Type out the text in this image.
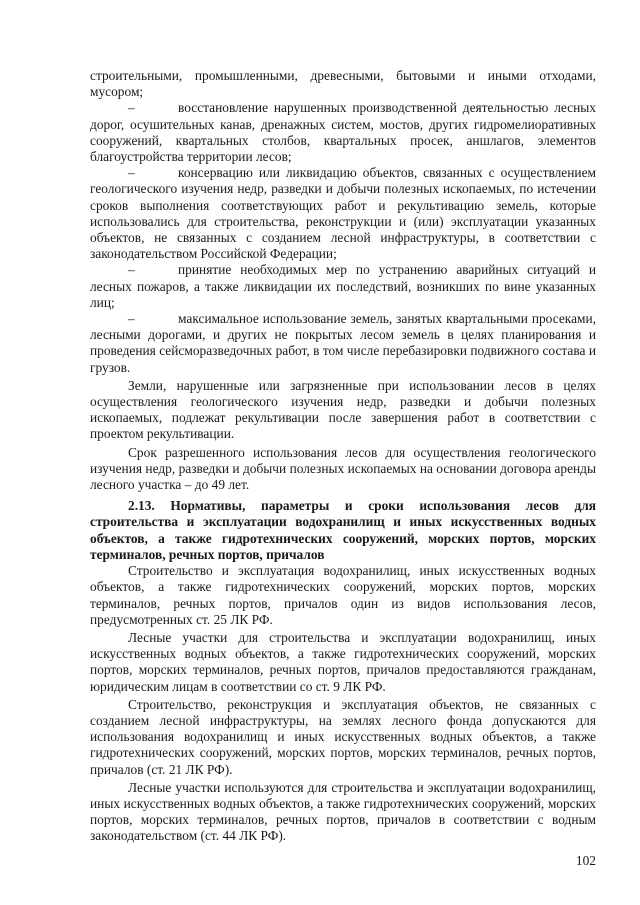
строительными, промышленными, древесными, бытовыми и иными отходами, мусором;

–	восстановление нарушенных производственной деятельностью лесных дорог, осушительных канав, дренажных систем, мостов, других гидромелиоративных сооружений, квартальных столбов, квартальных просек, аншлагов, элементов благоустройства территории лесов;

–	консервацию или ликвидацию объектов, связанных с осуществлением геологического изучения недр, разведки и добычи полезных ископаемых, по истечении сроков выполнения соответствующих работ и рекультивацию земель, которые использовались для строительства, реконструкции и (или) эксплуатации указанных объектов, не связанных с созданием лесной инфраструктуры, в соответствии с законодательством Российской Федерации;

–	принятие необходимых мер по устранению аварийных ситуаций и лесных пожаров, а также ликвидации их последствий, возникших по вине указанных лиц;

–	максимальное использование земель, занятых квартальными просеками, лесными дорогами, и других не покрытых лесом земель в целях планирования и проведения сейсморазведочных работ, в том числе перебазировки подвижного состава и грузов.

Земли, нарушенные или загрязненные при использовании лесов в целях осуществления геологического изучения недр, разведки и добычи полезных ископаемых, подлежат рекультивации после завершения работ в соответствии с проектом рекультивации.

Срок разрешенного использования лесов для осуществления геологического изучения недр, разведки и добычи полезных ископаемых на основании договора аренды лесного участка – до 49 лет.

2.13. Нормативы, параметры и сроки использования лесов для строительства и эксплуатации водохранилищ и иных искусственных водных объектов, а также гидротехнических сооружений, морских портов, морских терминалов, речных портов, причалов

Строительство и эксплуатация водохранилищ, иных искусственных водных объектов, а также гидротехнических сооружений, морских портов, морских терминалов, речных портов, причалов один из видов использования лесов, предусмотренных ст. 25 ЛК РФ.

Лесные участки для строительства и эксплуатации водохранилищ, иных искусственных водных объектов, а также гидротехнических сооружений, морских портов, морских терминалов, речных портов, причалов предоставляются гражданам, юридическим лицам в соответствии со ст. 9 ЛК РФ.

Строительство, реконструкция и эксплуатация объектов, не связанных с созданием лесной инфраструктуры, на землях лесного фонда допускаются для использования водохранилищ и иных искусственных водных объектов, а также гидротехнических сооружений, морских портов, морских терминалов, речных портов, причалов (ст. 21 ЛК РФ).

Лесные участки используются для строительства и эксплуатации водохранилищ, иных искусственных водных объектов, а также гидротехнических сооружений, морских портов, морских терминалов, речных портов, причалов в соответствии с водным законодательством (ст. 44 ЛК РФ).

102
